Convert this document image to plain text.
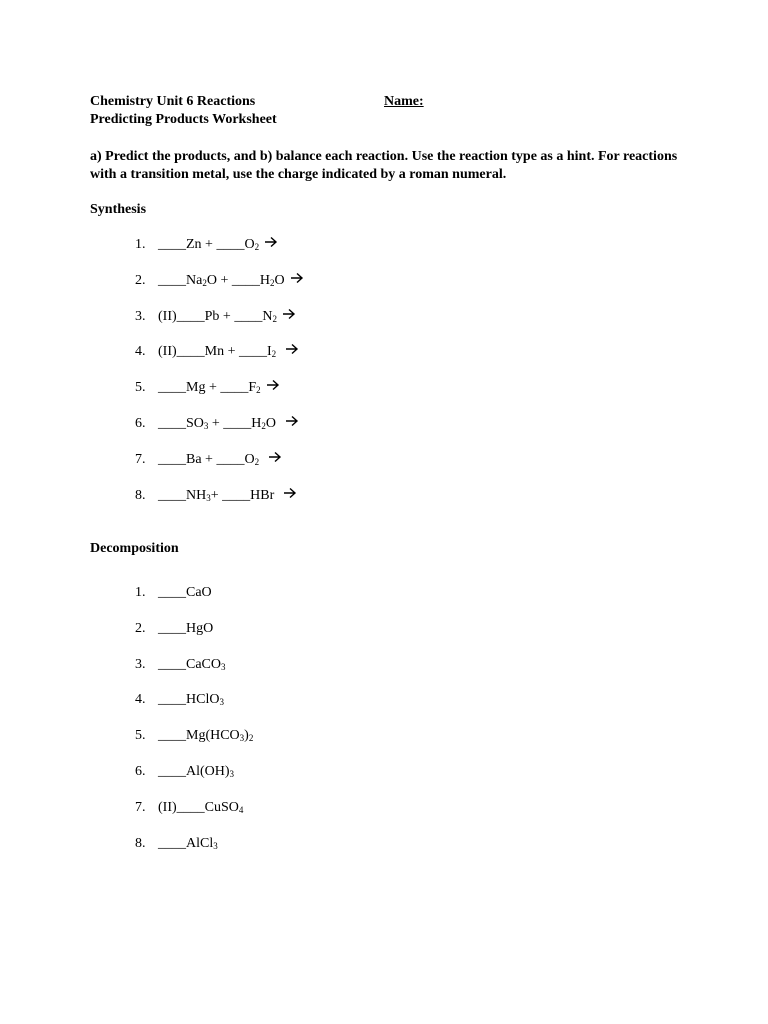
Chemistry Unit 6 Reactions
Predicting Products Worksheet
Name:
a) Predict the products, and b) balance each reaction. Use the reaction type as a hint. For reactions with a transition metal, use the charge indicated by a roman numeral.
Synthesis
1. ____Zn + $\_\_\_\_O_2$
2. $\_\_\_\_Na_2O$ + $\_\_\_\_H_2O$
3. (II)____Pb + $\_\_\_\_N_2$
4. (II)____Mn + $\_\_\_\_I_2$
5. ____Mg + $\_\_\_\_F_2$
6. $\_\_\_\_SO_3$ + $\_\_\_\_H_2O$
7. ____Ba + $\_\_\_\_O_2$
8. $\_\_\_\_NH_3+$ ____HBr
Decomposition
1. ____CaO
2. ____HgO
3. ____CaCO$_3$
4. ____HClO$_3$
5. $\_\_\_\_Mg(HCO_3)_2$
6. $\_\_\_\_Al(OH)_3$
7. (II)____CuSO$_4$
8. ____AlCl$_3$
